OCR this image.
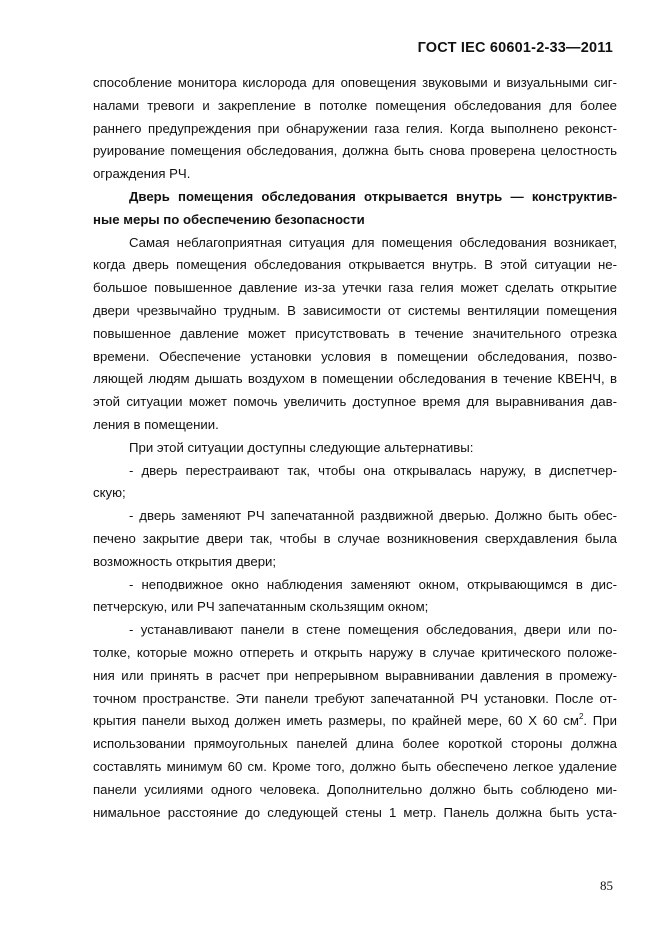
ГОСТ IEC 60601-2-33—2011
способление монитора кислорода для оповещения звуковыми и визуальными сиг-
налами тревоги и закрепление в потолке помещения обследования для более
раннего предупреждения при обнаружении газа гелия. Когда выполнено реконст-
руирование помещения обследования, должна быть снова проверена целостность
ограждения РЧ.
Дверь помещения обследования открывается внутрь — конструктив-
ные меры по обеспечению безопасности
Самая неблагоприятная ситуация для помещения обследования возникает,
когда дверь помещения обследования открывается внутрь. В этой ситуации не-
большое повышенное давление из-за утечки газа гелия может сделать открытие
двери чрезвычайно трудным. В зависимости от системы вентиляции помещения
повышенное давление может присутствовать в течение значительного отрезка
времени. Обеспечение установки условия в помещении обследования, позво-
ляющей людям дышать воздухом в помещении обследования в течение КВЕНЧ, в
этой ситуации может помочь увеличить доступное время для выравнивания дав-
ления в помещении.
При этой ситуации доступны следующие альтернативы:
- дверь перестраивают так, чтобы она открывалась наружу, в диспетчер-
скую;
- дверь заменяют РЧ запечатанной раздвижной дверью. Должно быть обес-
печено закрытие двери так, чтобы в случае возникновения сверхдавления была
возможность открытия двери;
- неподвижное окно наблюдения заменяют окном, открывающимся в дис-
петчерскую, или РЧ запечатанным скользящим окном;
- устанавливают панели в стене помещения обследования, двери или по-
толке, которые можно отпереть и открыть наружу в случае критического положе-
ния или принять в расчет при непрерывном выравнивании давления в промежу-
точном пространстве. Эти панели требуют запечатанной РЧ установки. После от-
крытия панели выход должен иметь размеры, по крайней мере, 60 Х 60 $см^2$. При
использовании прямоугольных панелей длина более короткой стороны должна
составлять минимум 60 см. Кроме того, должно быть обеспечено легкое удаление
панели усилиями одного человека. Дополнительно должно быть соблюдено ми-
нимальное расстояние до следующей стены 1 метр. Панель должна быть уста-
85
